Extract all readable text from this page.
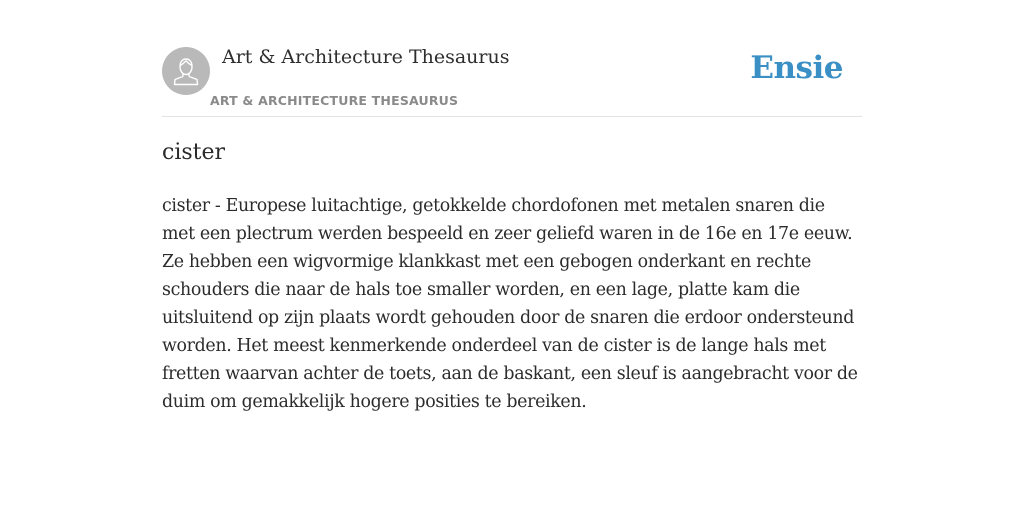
Art & Architecture Thesaurus
ART & ARCHITECTURE THESAURUS
Ensie
cister

cister - Europese luitachtige, getokkelde chordofonen met metalen snaren die met een plectrum werden bespeeld en zeer geliefd waren in de 16e en 17e eeuw. Ze hebben een wigvormige klankkast met een gebogen onderkant en rechte schouders die naar de hals toe smaller worden, en een lage, platte kam die uitsluitend op zijn plaats wordt gehouden door de snaren die erdoor ondersteund worden. Het meest kenmerkende onderdeel van de cister is de lange hals met fretten waarvan achter de toets, aan de baskant, een sleuf is aangebracht voor de duim om gemakkelijk hogere posities te bereiken.
